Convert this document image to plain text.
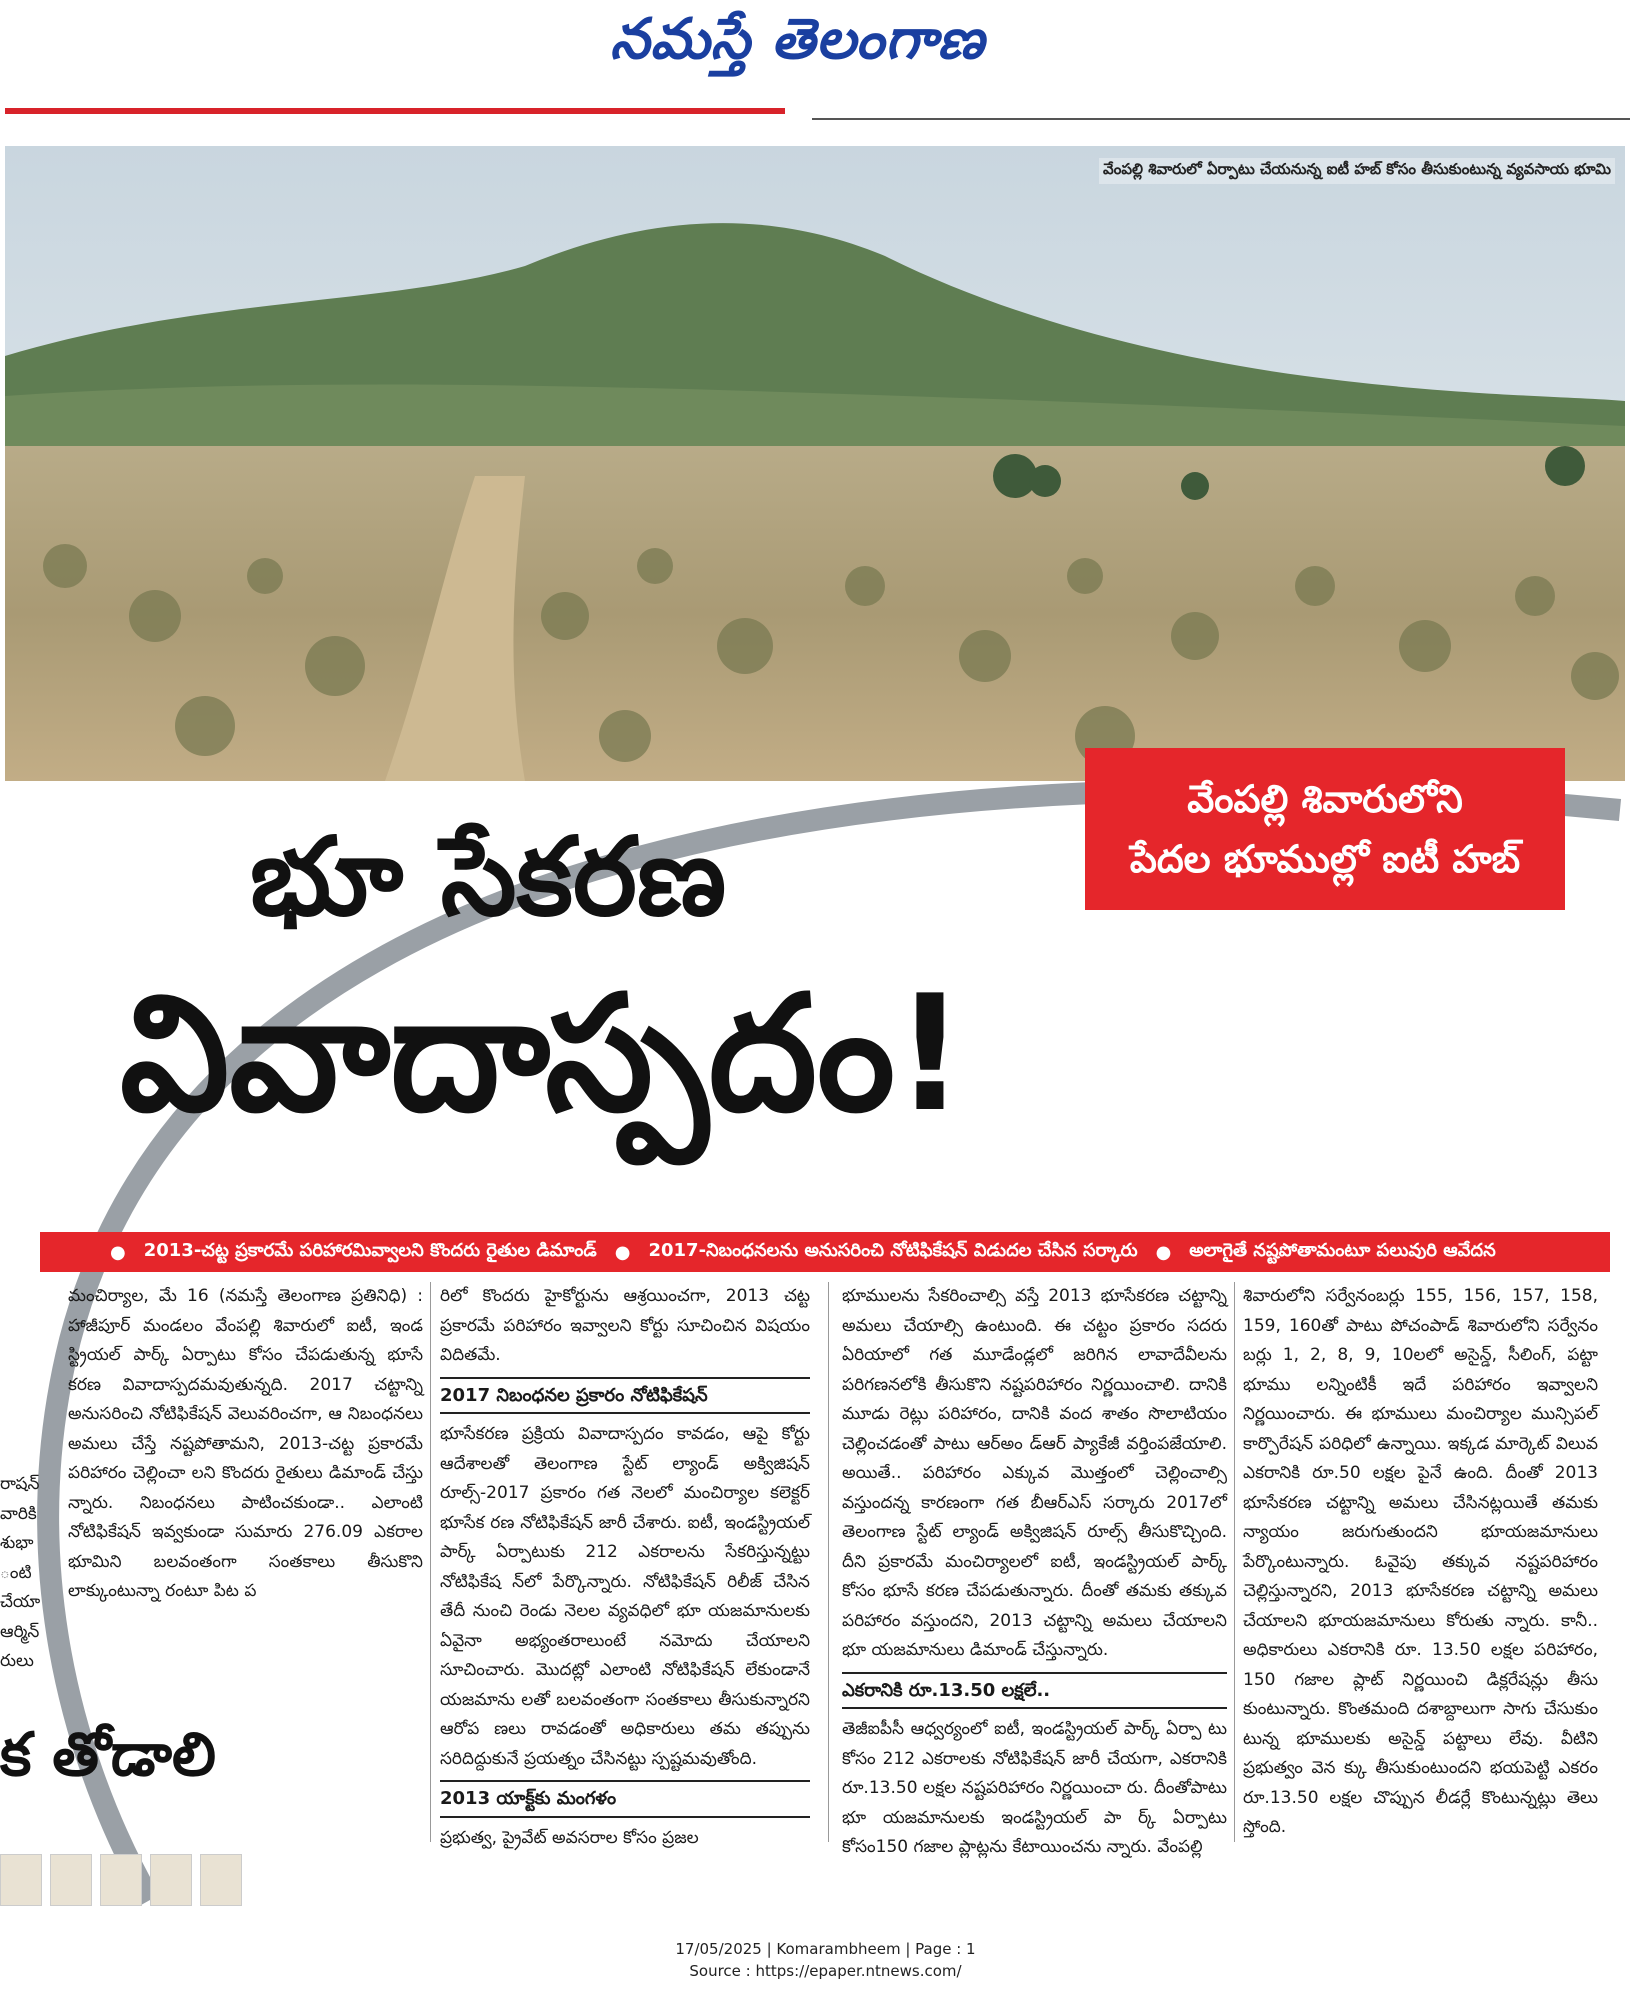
నమస్తే తెలంగాణ
వేంపల్లి శివారులో ఏర్పాటు చేయనున్న ఐటీ హబ్ కోసం తీసుకుంటున్న వ్యవసాయ భూమి
వేంపల్లి శివారులోని
పేదల భూముల్లో ఐటీ హబ్
భూ సేకరణ
వివాదాస్పదం!
● 2013-చట్ట ప్రకారమే పరిహారమివ్వాలని కొందరు రైతుల డిమాండ్ ● 2017-నిబంధనలను అనుసరించి నోటిఫికేషన్ విడుదల చేసిన సర్కారు ● అలాగైతే నష్టపోతామంటూ పలువురి ఆవేదన
రాషన్
వారికి
శుభా
ంటి
చేయా
ఆర్మిన్
రులు

మంచిర్యాల, మే 16 (నమస్తే తెలంగాణ ప్రతినిధి) : హాజీపూర్ మండలం వేంపల్లి శివారులో ఐటీ, ఇండ స్ట్రియల్ పార్క్ ఏర్పాటు కోసం చేపడుతున్న భూసే కరణ వివాదాస్పదమవుతున్నది. 2017 చట్టాన్ని అనుసరించి నోటిఫికేషన్ వెలువరించగా, ఆ నిబంధనలు అమలు చేస్తే నష్టపోతామని, 2013-చట్ట ప్రకారమే పరిహారం చెల్లించా లని కొందరు రైతులు డిమాండ్ చేస్తు న్నారు. నిబంధనలు పాటించకుండా.. ఎలాంటి నోటిఫికేషన్ ఇవ్వకుండా సుమారు 276.09 ఎకరాల భూమిని బలవంతంగా సంతకాలు తీసుకొని లాక్కుంటున్నా రంటూ పిట ప

రిలో కొందరు హైకోర్టును ఆశ్రయించగా, 2013 చట్ట ప్రకారమే పరిహారం ఇవ్వాలని కోర్టు సూచించిన విషయం విదితమే.

2017 నిబంధనల ప్రకారం నోటిఫికేషన్

భూసేకరణ ప్రక్రియ వివాదాస్పదం కావడం, ఆపై కోర్టు ఆదేశాలతో తెలంగాణ స్టేట్ ల్యాండ్ అక్విజిషన్ రూల్స్-2017 ప్రకారం గత నెలలో మంచిర్యాల కలెక్టర్ భూసేక రణ నోటిఫికేషన్ జారీ చేశారు. ఐటీ, ఇండస్ట్రియల్ పార్క్ ఏర్పాటుకు 212 ఎకరాలను సేకరిస్తున్నట్టు నోటిఫికేష న్‌లో పేర్కొన్నారు. నోటిఫికేషన్ రిలీజ్ చేసిన తేదీ నుంచి రెండు నెలల వ్యవధిలో భూ యజమానులకు ఏవైనా అభ్యంతరాలుంటే నమోదు చేయాలని సూచించారు. మొదట్లో ఎలాంటి నోటిఫికేషన్ లేకుండానే యజమాను లతో బలవంతంగా సంతకాలు తీసుకున్నారని ఆరోప ణలు రావడంతో అధికారులు తమ తప్పును సరిదిద్దుకునే ప్రయత్నం చేసినట్టు స్పష్టమవుతోంది.

2013 యాక్ట్‌కు మంగళం

ప్రభుత్వ, ప్రైవేట్ అవసరాల కోసం ప్రజల

భూములను సేకరించాల్సి వస్తే 2013 భూసేకరణ చట్టాన్ని అమలు చేయాల్సి ఉంటుంది. ఈ చట్టం ప్రకారం సదరు ఏరియాలో గత మూడేండ్లలో జరిగిన లావాదేవీలను పరిగణనలోకి తీసుకొని నష్టపరిహారం నిర్ణయించాలి. దానికి మూడు రెట్లు పరిహారం, దానికి వంద శాతం సొలాటియం చెల్లించడంతో పాటు ఆర్అం డ్ఆర్ ప్యాకేజీ వర్తింపజేయాలి. అయితే.. పరిహారం ఎక్కువ మొత్తంలో చెల్లించాల్సి వస్తుందన్న కారణంగా గత బీఆర్ఎస్ సర్కారు 2017లో తెలంగాణ స్టేట్ ల్యాండ్ అక్విజిషన్ రూల్స్ తీసుకొచ్చింది. దీని ప్రకారమే మంచిర్యాలలో ఐటీ, ఇండస్ట్రియల్ పార్క్ కోసం భూసే కరణ చేపడుతున్నారు. దీంతో తమకు తక్కువ పరిహారం వస్తుందని, 2013 చట్టాన్ని అమలు చేయాలని భూ యజమానులు డిమాండ్ చేస్తున్నారు.

ఎకరానికి రూ.13.50 లక్షలే..

తెజీఐపీసీ ఆధ్వర్యంలో ఐటీ, ఇండస్ట్రియల్ పార్క్ ఏర్పా టు కోసం 212 ఎకరాలకు నోటిఫికేషన్ జారీ చేయగా, ఎకరానికి రూ.13.50 లక్షల నష్టపరిహారం నిర్ణయించా రు. దీంతోపాటు భూ యజమానులకు ఇండస్ట్రియల్ పా ర్క్ ఏర్పాటు కోసం150 గజాల ప్లాట్లను కేటాయించను న్నారు. వేంపల్లి

శివారులోని సర్వేనంబర్లు 155, 156, 157, 158, 159, 160తో పాటు పోచంపాడ్ శివారులోని సర్వేనం బర్లు 1, 2, 8, 9, 10లలో అసైన్డ్, సీలింగ్, పట్టా భూము లన్నింటికీ ఇదే పరిహారం ఇవ్వాలని నిర్ణయించారు. ఈ భూములు మంచిర్యాల మున్సిపల్ కార్పొరేషన్ పరిధిలో ఉన్నాయి. ఇక్కడ మార్కెట్ విలువ ఎకరానికి రూ.50 లక్షల పైనే ఉంది. దీంతో 2013 భూసేకరణ చట్టాన్ని అమలు చేసినట్లయితే తమకు న్యాయం జరుగుతుందని భూయజమానులు పేర్కొంటున్నారు. ఓవైపు తక్కువ నష్టపరిహారం చెల్లిస్తున్నారని, 2013 భూసేకరణ చట్టాన్ని అమలు చేయాలని భూయజమానులు కోరుతు న్నారు. కానీ.. అధికారులు ఎకరానికి రూ. 13.50 లక్షల పరిహారం, 150 గజాల ప్లాట్ నిర్ణయించి డిక్లరేషన్లు తీసు కుంటున్నారు. కొంతమంది దశాబ్దాలుగా సాగు చేసుకుం టున్న భూములకు అసైన్డ్ పట్టాలు లేవు. వీటిని ప్రభుత్వం వెన క్కు తీసుకుంటుందని భయపెట్టి ఎకరం రూ.13.50 లక్షల చొప్పున లీడర్లే కొంటున్నట్లు తెలు స్తోంది.

క తోడాలి
17/05/2025 | Komarambheem | Page : 1
Source : https://epaper.ntnews.com/
